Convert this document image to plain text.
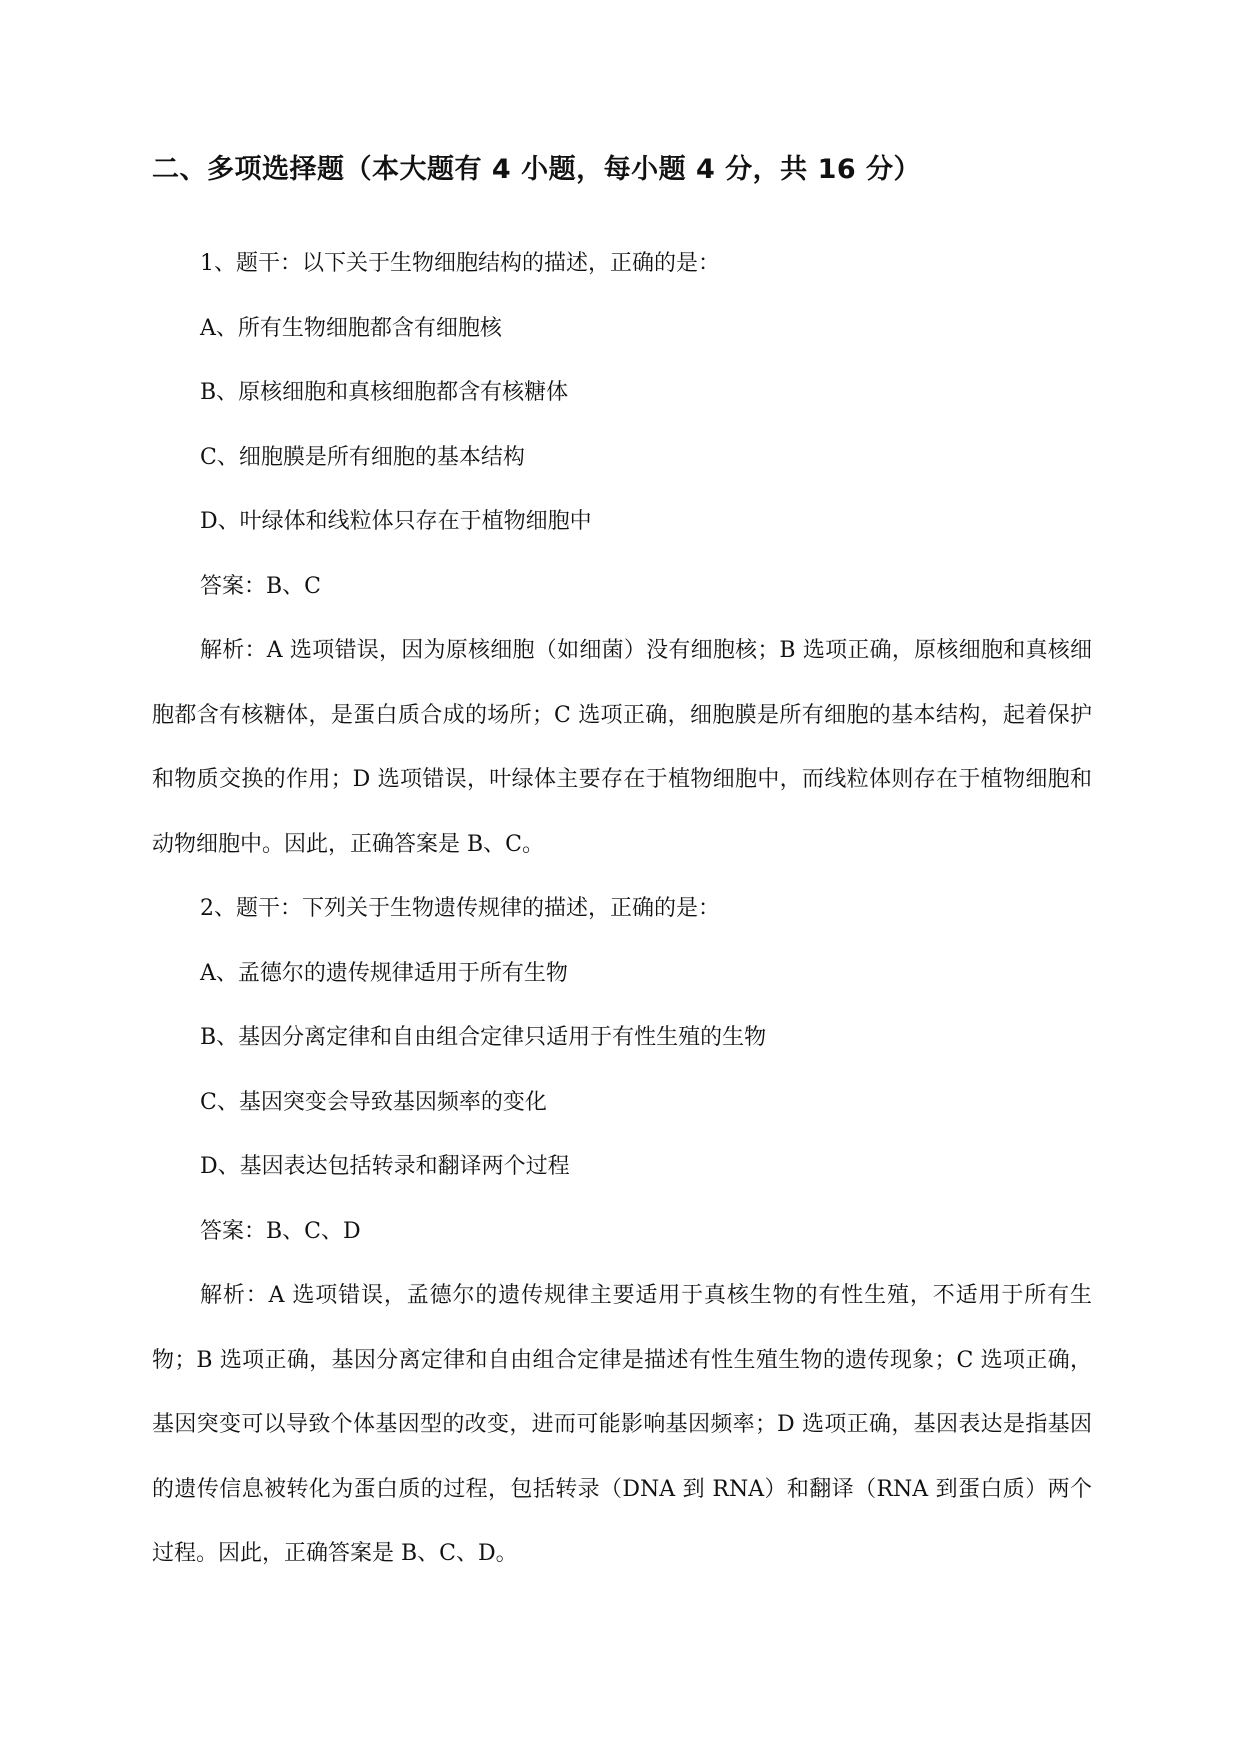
二、多项选择题（本大题有 4 小题，每小题 4 分，共 16 分）

1、题干：以下关于生物细胞结构的描述，正确的是：

A、所有生物细胞都含有细胞核

B、原核细胞和真核细胞都含有核糖体

C、细胞膜是所有细胞的基本结构

D、叶绿体和线粒体只存在于植物细胞中

答案：B、C

解析：A 选项错误，因为原核细胞（如细菌）没有细胞核；B 选项正确，原核细胞和真核细胞都含有核糖体，是蛋白质合成的场所；C 选项正确，细胞膜是所有细胞的基本结构，起着保护和物质交换的作用；D 选项错误，叶绿体主要存在于植物细胞中，而线粒体则存在于植物细胞和动物细胞中。因此，正确答案是 B、C。

2、题干：下列关于生物遗传规律的描述，正确的是：

A、孟德尔的遗传规律适用于所有生物

B、基因分离定律和自由组合定律只适用于有性生殖的生物

C、基因突变会导致基因频率的变化

D、基因表达包括转录和翻译两个过程

答案：B、C、D

解析：A 选项错误，孟德尔的遗传规律主要适用于真核生物的有性生殖，不适用于所有生物；B 选项正确，基因分离定律和自由组合定律是描述有性生殖生物的遗传现象；C 选项正确，基因突变可以导致个体基因型的改变，进而可能影响基因频率；D 选项正确，基因表达是指基因的遗传信息被转化为蛋白质的过程，包括转录（DNA 到 RNA）和翻译（RNA 到蛋白质）两个过程。因此，正确答案是 B、C、D。
